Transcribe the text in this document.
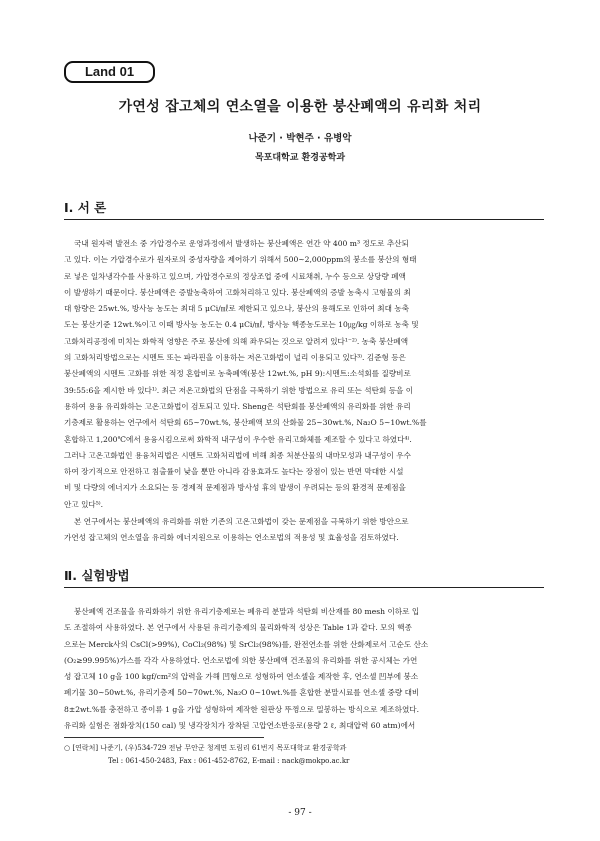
Land 01
가연성 잡고체의 연소열을 이용한 붕산폐액의 유리화 처리
나준기 · 박현주 · 유병악
목포대학교 환경공학과
Ⅰ. 서 론
국내 원자력 발전소 중 가압경수로 운영과정에서 발생하는 붕산폐액은 연간 약 400 m³ 정도로 추산되
고 있다. 이는 가압경수로가 원자로의 중성자량을 제어하기 위해서 500~2,000ppm의 붕소를 붕산의 형태
로 넣은 일차냉각수를 사용하고 있으며, 가압경수로의 정상조업 중에 시료채취, 누수 등으로 상당량 폐액
이 발생하기 때문이다. 붕산폐액은 증발농축하여 고화처리하고 있다. 붕산폐액의 증발 농축시 고형물의 최
대 함량은 25wt.%, 방사능 농도는 최대 5 μCi/㎖로 제한되고 있으나, 붕산의 용해도로 인하여 최대 농축
도는 붕산기준 12wt.%이고 이때 방사능 농도는 0.4 μCi/㎖, 방사능 핵종농도로는 10㎍/kg 이하로 농축 및
고화처리공정에 미치는 화학적 영향은 주로 붕산에 의해 좌우되는 것으로 알려져 있다¹⁻²⁾. 농축 붕산폐액
의 고화처리방법으로는 시멘트 또는 파라핀을 이용하는 저온고화법이 널리 이용되고 있다³⁾. 김준형 등은
붕산폐액의 시멘트 고화를 위한 적정 혼합비로 농축폐액(붕산 12wt.%, pH 9):시멘트:소석회를 질량비로
39:55:6을 제시한 바 있다¹⁾. 최근 저온고화법의 단점을 극복하기 위한 방법으로 유리 또는 석탄회 등을 이
용하여 용융 유리화하는 고온고화법이 검토되고 있다. Sheng은 석탄회를 붕산폐액의 유리화를 위한 유리
기층제로 활용하는 연구에서 석탄회 65~70wt.%, 붕산폐액 보의 산화물 25~30wt.%, Na₂O 5~10wt.%를
혼합하고 1,200℃에서 용융시킴으로써 화학적 내구성이 우수한 유리고화체를 제조할 수 있다고 하였다⁴⁾.
그러나 고온고화법인 용융처리법은 시멘트 고화처리법에 비해 최종 처분산물의 내마모성과 내구성이 우수
하여 장기적으로 안전하고 침출률이 낮을 뿐만 아니라 감용효과도 높다는 장점이 있는 반면 막대한 시설
비 및 다량의 에너지가 소요되는 등 경제적 문제점과 방사성 휴의 발생이 우려되는 등의 환경적 문제점을
안고 있다⁵⁾.
본 연구에서는 붕산폐액의 유리화를 위한 기존의 고온고화법이 갖는 문제점을 극복하기 위한 방안으로
가연성 잡고체의 연소열을 유리화 에너지원으로 이용하는 연소로법의 적용성 및 효율성을 검토하였다.
Ⅱ. 실험방법
붕산폐액 건조물을 유리화하기 위한 유리기층제로는 폐유리 분말과 석탄회 비산재를 80 mesh 이하로 입
도 조절하여 사용하였다. 본 연구에서 사용된 유리기층제의 물리화학적 성상은 Table 1과 같다. 모의 핵종
으로는 Merck사의 CsCl(>99%), CoCl₂(98%) 및 SrCl₂(98%)를, 완전연소를 위한 산화제로서 고순도 산소
(O₂≥99.995%)가스를 각각 사용하였다. 연소로법에 의한 붕산폐액 건조물의 유리화를 위한 공시체는 가연
성 잡고체 10 g을 100 kgf/cm²의 압력을 가해 凹형으로 성형하여 연소셀을 제작한 후, 연소셀 凹부에 붕소
폐기물 30~50wt.%, 유리기층제 50~70wt.%, Na₂O 0~10wt.%를 혼합한 분말시료를 연소셀 중량 대비
8±2wt.%를 충전하고 종이류 1 g을 가압 성형하여 제작한 원판상 뚜껑으로 밀봉하는 방식으로 제조하였다.
유리화 실험은 점화장치(150 cal) 및 냉각장치가 장착된 고압연소반응로(용량 2 ℓ, 최대압력 60 atm)에서
○ [연락처] 나준기, (우)534-729 전남 무안군 청계면 도림리 61번지 목포대학교 환경공학과
Tel : 061-450-2483, Fax : 061-452-8762, E-mail : nack@mokpo.ac.kr
- 97 -
